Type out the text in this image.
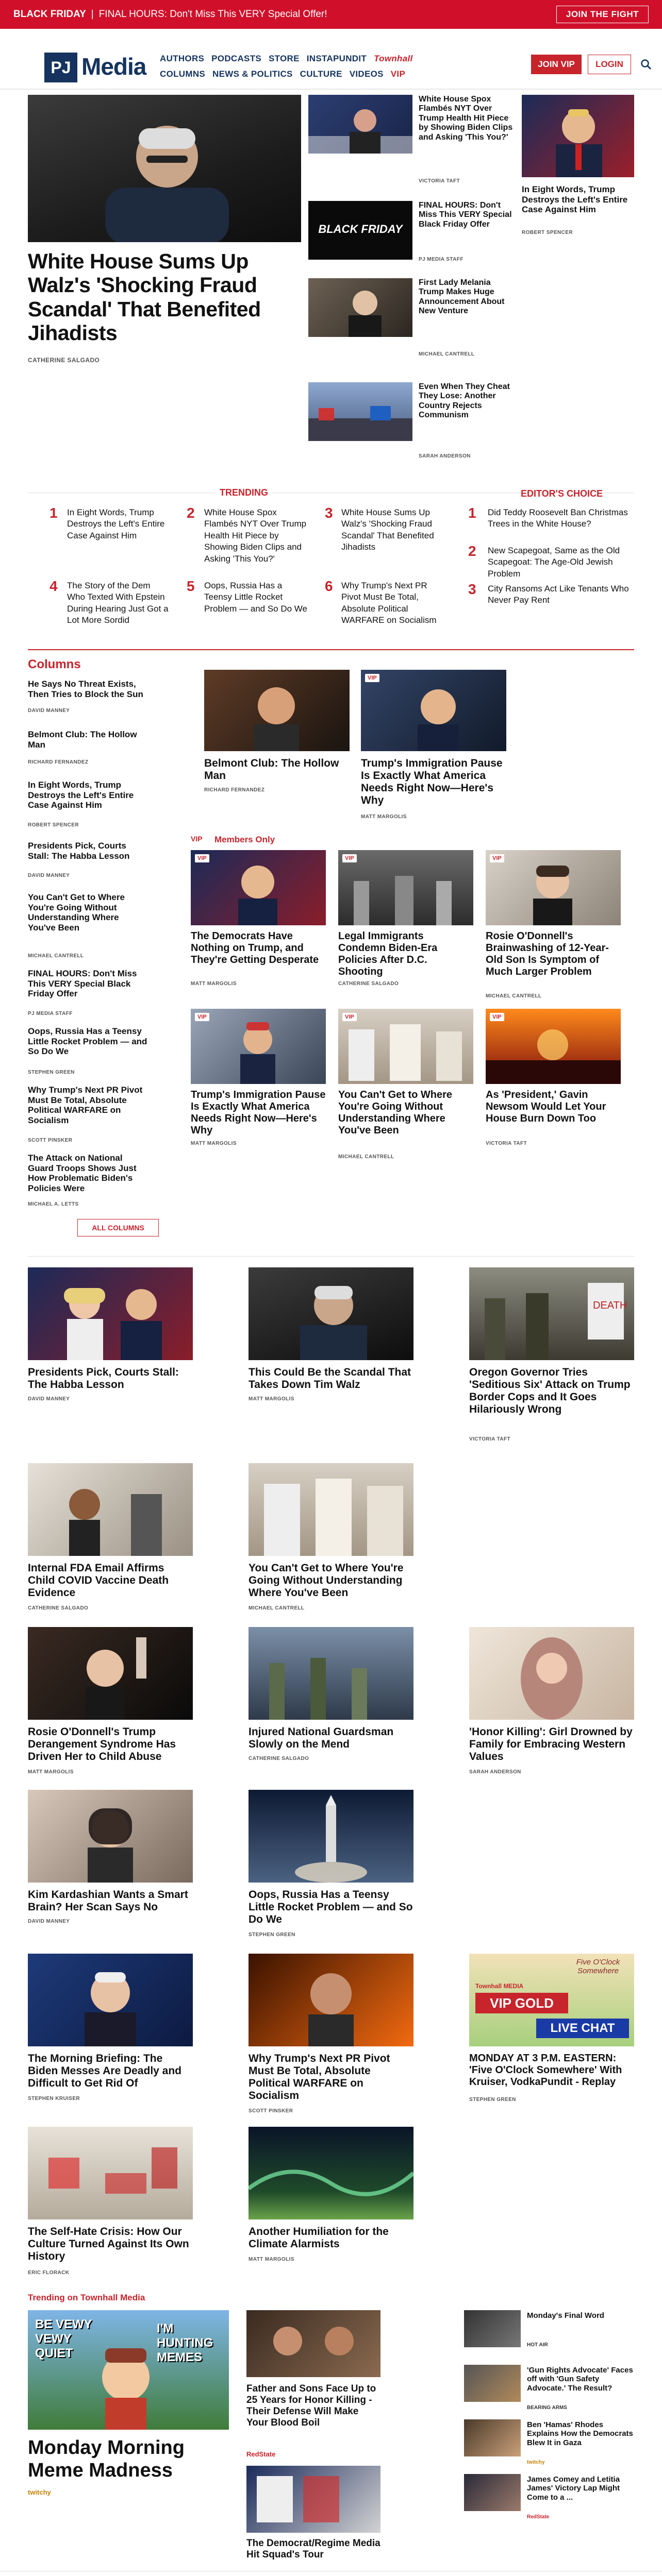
BLACK FRIDAY | FINAL HOURS: Don't Miss This VERY Special Offer!	JOIN THE FIGHT
PJ Media AUTHORS PODCASTS STORE INSTAPUNDIT Townhall
COLUMNS NEWS & POLITICS CULTURE VIDEOS VIP
JOIN VIP	LOGIN
White House Sums Up Walz's 'Shocking Fraud Scandal' That Benefited Jihadists
CATHERINE SALGADO
White House Spox Flambés NYT Over Trump Health Hit Piece by Showing Biden Clips and Asking 'This You?'
VICTORIA TAFT
BLACK FRIDAY
FINAL HOURS: Don't Miss This VERY Special Black Friday Offer
PJ MEDIA STAFF
First Lady Melania Trump Makes Huge Announcement About New Venture
MICHAEL CANTRELL
Even When They Cheat They Lose: Another Country Rejects Communism
SARAH ANDERSON
In Eight Words, Trump Destroys the Left's Entire Case Against Him
ROBERT SPENCER
TRENDING
1 In Eight Words, Trump Destroys the Left's Entire Case Against Him
2 White House Spox Flambés NYT Over Trump Health Hit Piece by Showing Biden Clips and Asking 'This You?'
3 White House Sums Up Walz's 'Shocking Fraud Scandal' That Benefited Jihadists
4 The Story of the Dem Who Texted With Epstein During Hearing Just Got a Lot More Sordid
5 Oops, Russia Has a Teensy Little Rocket Problem — and So Do We
6 Why Trump's Next PR Pivot Must Be Total, Absolute Political WARFARE on Socialism
EDITOR'S CHOICE
1 Did Teddy Roosevelt Ban Christmas Trees in the White House?
2 New Scapegoat, Same as the Old Scapegoat: The Age-Old Jewish Problem
3 City Ransoms Act Like Tenants Who Never Pay Rent
Columns
He Says No Threat Exists, Then Tries to Block the Sun
DAVID MANNEY
Belmont Club: The Hollow Man
RICHARD FERNANDEZ
In Eight Words, Trump Destroys the Left's Entire Case Against Him
ROBERT SPENCER
Presidents Pick, Courts Stall: The Habba Lesson
DAVID MANNEY
You Can't Get to Where You're Going Without Understanding Where You've Been
MICHAEL CANTRELL
FINAL HOURS: Don't Miss This VERY Special Black Friday Offer
PJ MEDIA STAFF
Oops, Russia Has a Teensy Little Rocket Problem — and So Do We
STEPHEN GREEN
Why Trump's Next PR Pivot Must Be Total, Absolute Political WARFARE on Socialism
SCOTT PINSKER
The Attack on National Guard Troops Shows Just How Problematic Biden's Policies Were
MICHAEL A. LETTS
ALL COLUMNS
Belmont Club: The Hollow Man
RICHARD FERNANDEZ
VIP
Trump's Immigration Pause Is Exactly What America Needs Right Now—Here's Why
MATT MARGOLIS
VIP Members Only
VIP
The Democrats Have Nothing on Trump, and They're Getting Desperate
MATT MARGOLIS
VIP
Legal Immigrants Condemn Biden-Era Policies After D.C. Shooting
CATHERINE SALGADO
VIP
Rosie O'Donnell's Brainwashing of 12-Year-Old Son Is Symptom of Much Larger Problem
MICHAEL CANTRELL
VIP
Trump's Immigration Pause Is Exactly What America Needs Right Now—Here's Why
MATT MARGOLIS
VIP
You Can't Get to Where You're Going Without Understanding Where You've Been
MICHAEL CANTRELL
VIP
As 'President,' Gavin Newsom Would Let Your House Burn Down Too
VICTORIA TAFT
Presidents Pick, Courts Stall: The Habba Lesson
DAVID MANNEY
This Could Be the Scandal That Takes Down Tim Walz
MATT MARGOLIS
DEATH
Oregon Governor Tries 'Seditious Six' Attack on Trump Border Cops and It Goes Hilariously Wrong
VICTORIA TAFT
Internal FDA Email Affirms Child COVID Vaccine Death Evidence
CATHERINE SALGADO
You Can't Get to Where You're Going Without Understanding Where You've Been
MICHAEL CANTRELL
Rosie O'Donnell's Trump Derangement Syndrome Has Driven Her to Child Abuse
MATT MARGOLIS
Injured National Guardsman Slowly on the Mend
CATHERINE SALGADO
'Honor Killing': Girl Drowned by Family for Embracing Western Values
SARAH ANDERSON
Kim Kardashian Wants a Smart Brain? Her Scan Says No
DAVID MANNEY
Oops, Russia Has a Teensy Little Rocket Problem — and So Do We
STEPHEN GREEN
The Morning Briefing: The Biden Messes Are Deadly and Difficult to Get Rid Of
STEPHEN KRUISER
Why Trump's Next PR Pivot Must Be Total, Absolute Political WARFARE on Socialism
SCOTT PINSKER
Five O'Clock Somewhere
Townhall MEDIA
VIP GOLD
LIVE CHAT
MONDAY AT 3 P.M. EASTERN: 'Five O'Clock Somewhere' With Kruiser, VodkaPundit - Replay
STEPHEN GREEN
The Self-Hate Crisis: How Our Culture Turned Against Its Own History
ERIC FLORACK
Another Humiliation for the Climate Alarmists
MATT MARGOLIS
Trending on Townhall Media
BE VEWY VEWY QUIET
I'M HUNTING MEMES
Monday Morning Meme Madness
twitchy
Father and Sons Face Up to 25 Years for Honor Killing - Their Defense Will Make Your Blood Boil
RedState
The Democrat/Regime Media Hit Squad's Tour
Monday's Final Word
HOT AIR
'Gun Rights Advocate' Faces off with 'Gun Safety Advocate.' The Result?
BEARING ARMS
Ben 'Hamas' Rhodes Explains How the Democrats Blew It in Gaza
twitchy
James Comey and Letitia James' Victory Lap Might Come to a ...
RedState
